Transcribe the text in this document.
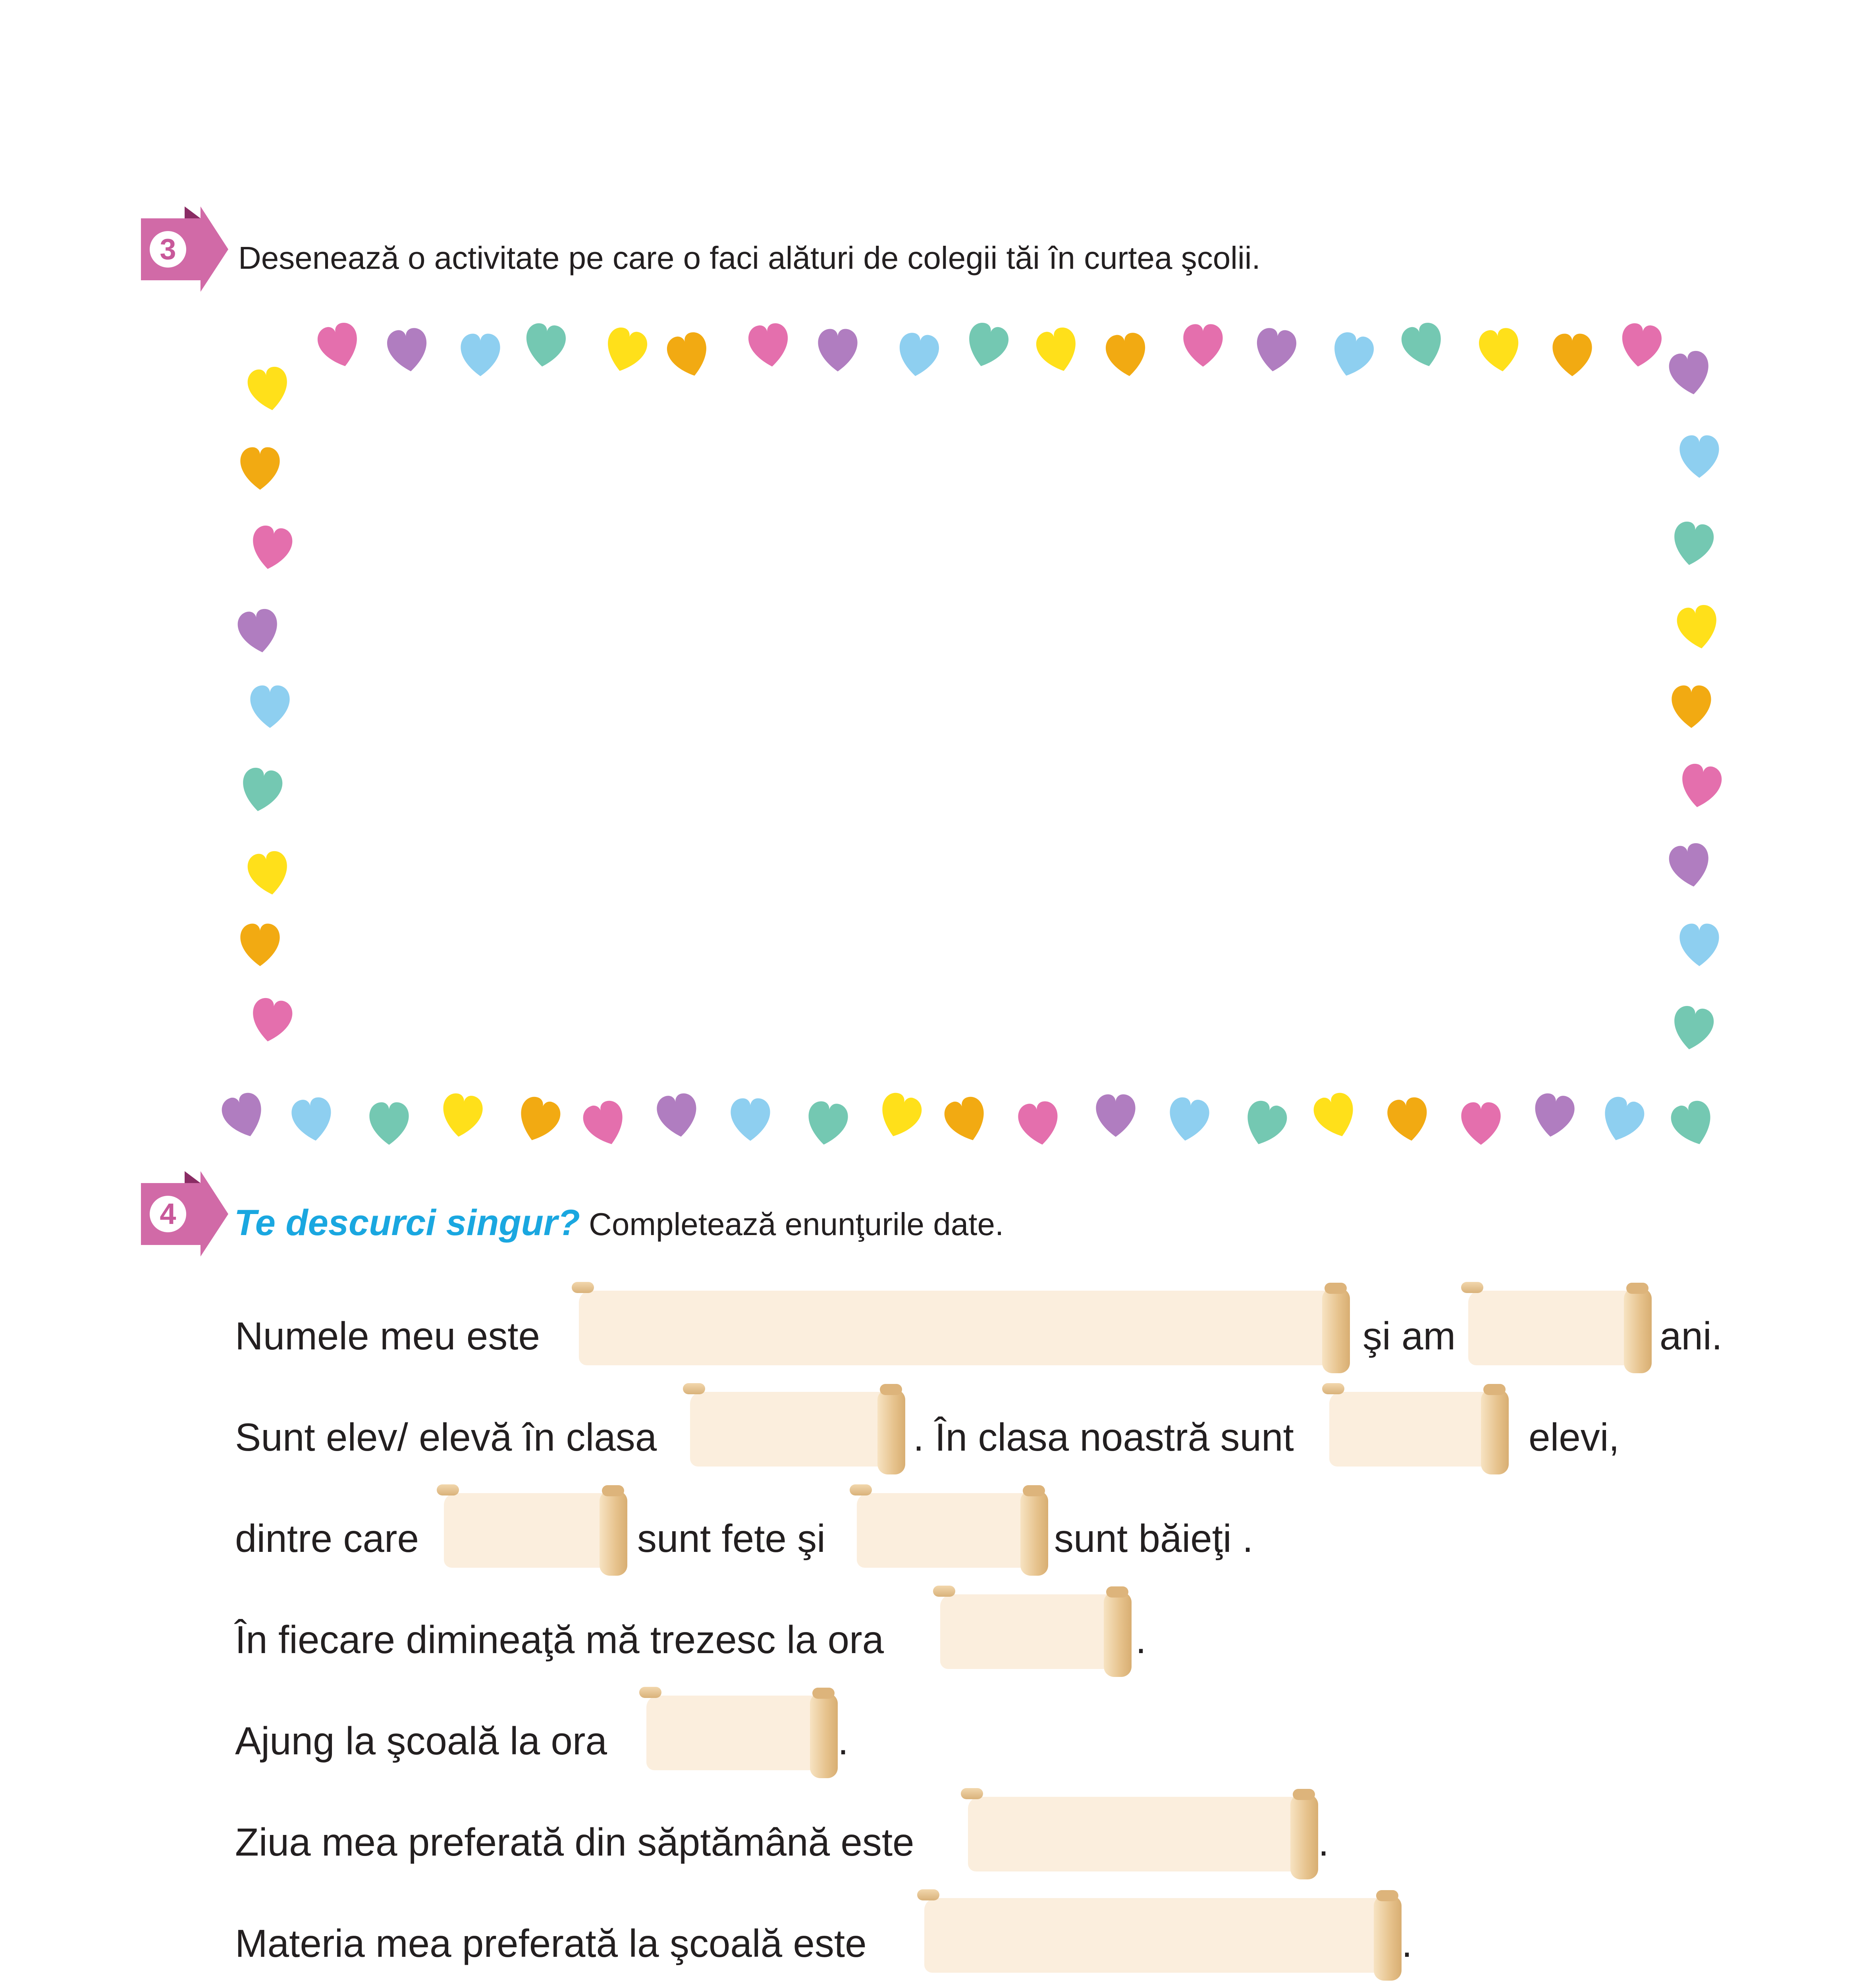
3	Desenează o activitate pe care o faci alături de colegii tăi în curtea şcolii.
4 Te descurci singur? Completează enunţurile date.
Numele meu este	şi am	ani.
Sunt elev/ elevă în clasa	. În clasa noastră sunt	elevi,
dintre care	sunt fete şi	sunt băieţi .
În fiecare dimineaţă mă trezesc la ora	.
Ajung la şcoală la ora	.
Ziua mea preferată din săptămână este	.
Materia mea preferată la şcoală este	.
